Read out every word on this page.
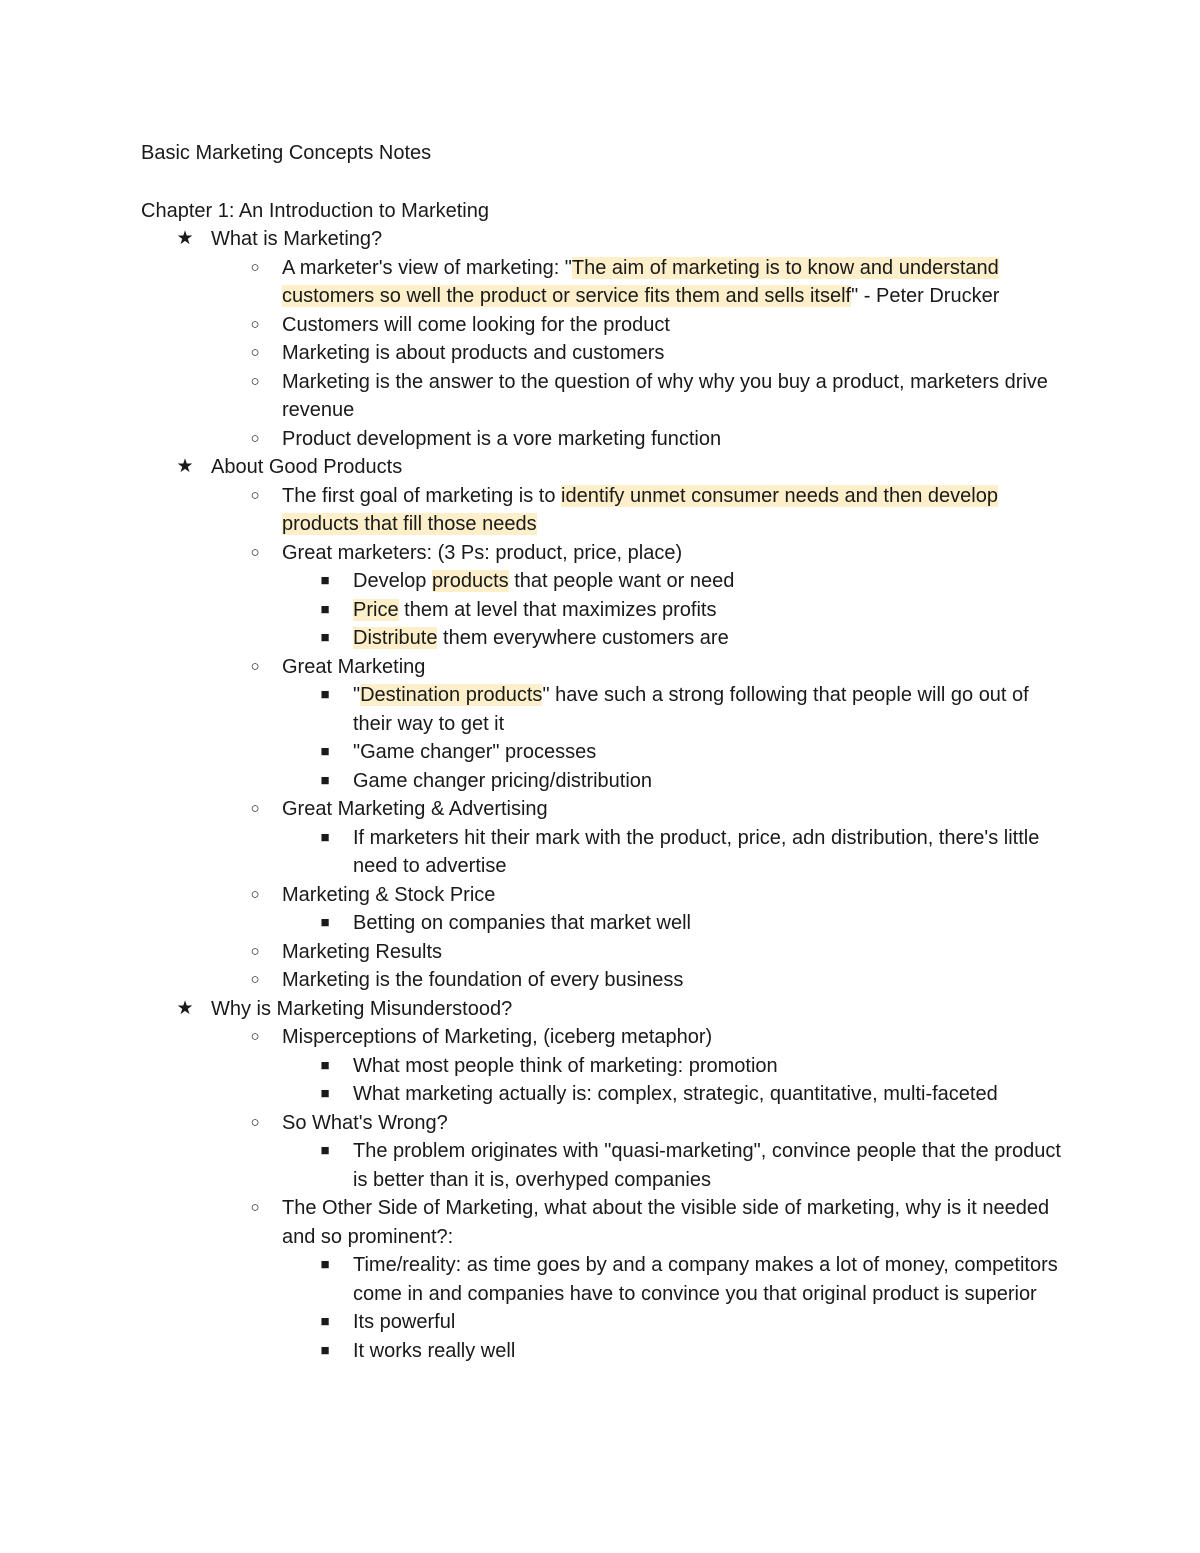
Basic Marketing Concepts Notes
Chapter 1: An Introduction to Marketing
★ What is Marketing?
○ A marketer's view of marketing: "The aim of marketing is to know and understand customers so well the product or service fits them and sells itself" - Peter Drucker
○ Customers will come looking for the product
○ Marketing is about products and customers
○ Marketing is the answer to the question of why why you buy a product, marketers drive revenue
○ Product development is a vore marketing function
★ About Good Products
○ The first goal of marketing is to identify unmet consumer needs and then develop products that fill those needs
○ Great marketers: (3 Ps: product, price, place)
■ Develop products that people want or need
■ Price them at level that maximizes profits
■ Distribute them everywhere customers are
○ Great Marketing
■ "Destination products" have such a strong following that people will go out of their way to get it
■ "Game changer" processes
■ Game changer pricing/distribution
○ Great Marketing & Advertising
■ If marketers hit their mark with the product, price, adn distribution, there's little need to advertise
○ Marketing & Stock Price
■ Betting on companies that market well
○ Marketing Results
○ Marketing is the foundation of every business
★ Why is Marketing Misunderstood?
○ Misperceptions of Marketing, (iceberg metaphor)
■ What most people think of marketing: promotion
■ What marketing actually is: complex, strategic, quantitative, multi-faceted
○ So What's Wrong?
■ The problem originates with "quasi-marketing", convince people that the product is better than it is, overhyped companies
○ The Other Side of Marketing, what about the visible side of marketing, why is it needed and so prominent?:
■ Time/reality: as time goes by and a company makes a lot of money, competitors come in and companies have to convince you that original product is superior
■ Its powerful
■ It works really well
